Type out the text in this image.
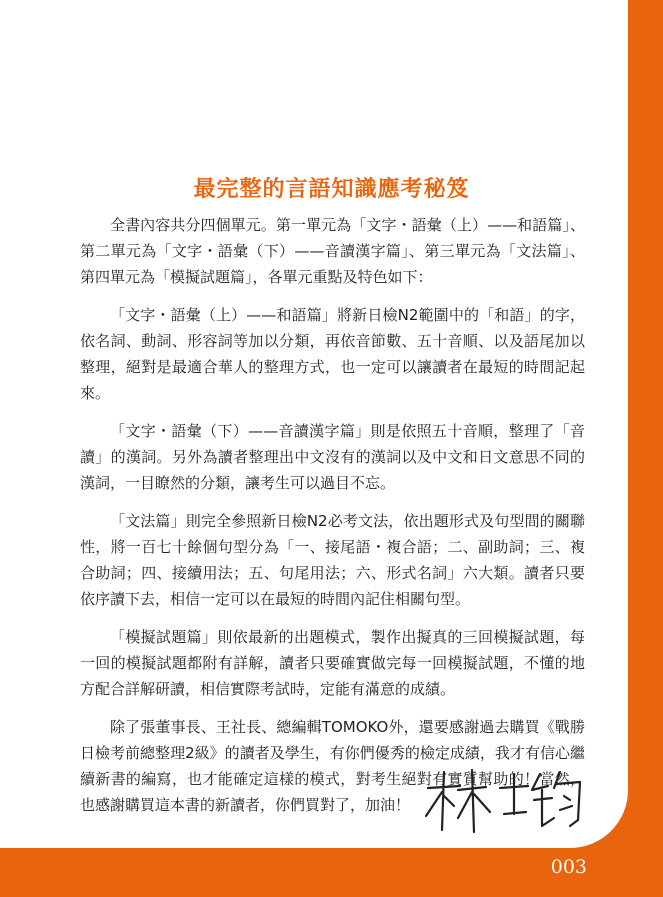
最完整的言語知識應考秘笈

全書內容共分四個單元。第一單元為「文字・語彙（上）——和語篇」、第二單元為「文字・語彙（下）——音讀漢字篇」、第三單元為「文法篇」、第四單元為「模擬試題篇」，各單元重點及特色如下：

「文字・語彙（上）——和語篇」將新日檢N2範圍中的「和語」的字，依名詞、動詞、形容詞等加以分類，再依音節數、五十音順、以及語尾加以整理，絕對是最適合華人的整理方式，也一定可以讓讀者在最短的時間記起來。

「文字・語彙（下）——音讀漢字篇」則是依照五十音順，整理了「音讀」的漢詞。另外為讀者整理出中文沒有的漢詞以及中文和日文意思不同的漢詞，一目瞭然的分類，讓考生可以過目不忘。

「文法篇」則完全參照新日檢N2必考文法，依出題形式及句型間的關聯性，將一百七十餘個句型分為「一、接尾語・複合語；二、副助詞；三、複合助詞；四、接續用法；五、句尾用法；六、形式名詞」六大類。讀者只要依序讀下去，相信一定可以在最短的時間內記住相關句型。

「模擬試題篇」則依最新的出題模式，製作出擬真的三回模擬試題，每一回的模擬試題都附有詳解，讀者只要確實做完每一回模擬試題，不懂的地方配合詳解研讀，相信實際考試時，定能有滿意的成績。

除了張董事長、王社長、總編輯TOMOKO外，還要感謝過去購買《戰勝日檢考前總整理2級》的讀者及學生，有你們優秀的檢定成績，我才有信心繼續新書的編寫，也才能確定這樣的模式，對考生絕對有實質幫助的！當然，也感謝購買這本書的新讀者，你們買對了，加油！

003
